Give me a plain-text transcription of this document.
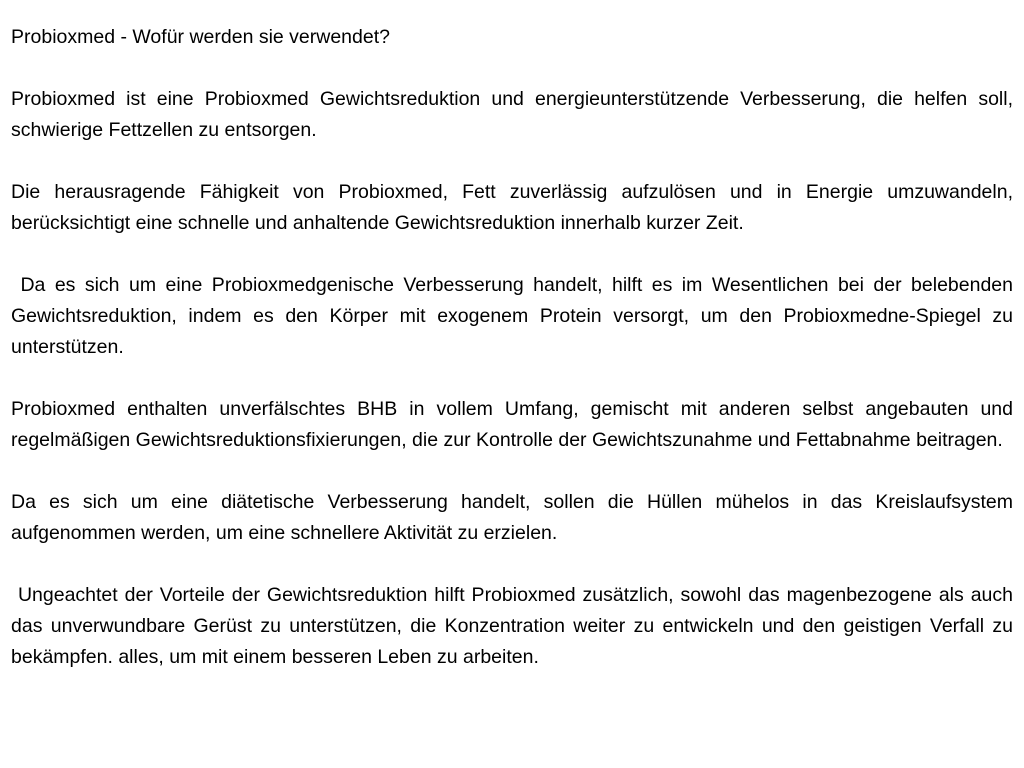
Probioxmed - Wofür werden sie verwendet?

Probioxmed ist eine Probioxmed Gewichtsreduktion und energieunterstützende Verbesserung, die helfen soll, schwierige Fettzellen zu entsorgen.

Die herausragende Fähigkeit von Probioxmed, Fett zuverlässig aufzulösen und in Energie umzuwandeln, berücksichtigt eine schnelle und anhaltende Gewichtsreduktion innerhalb kurzer Zeit.

Da es sich um eine Probioxmedgenische Verbesserung handelt, hilft es im Wesentlichen bei der belebenden Gewichtsreduktion, indem es den Körper mit exogenem Protein versorgt, um den Probioxmedne-Spiegel zu unterstützen.

Probioxmed enthalten unverfälschtes BHB in vollem Umfang, gemischt mit anderen selbst angebauten und regelmäßigen Gewichtsreduktionsfixierungen, die zur Kontrolle der Gewichtszunahme und Fettabnahme beitragen.

Da es sich um eine diätetische Verbesserung handelt, sollen die Hüllen mühelos in das Kreislaufsystem aufgenommen werden, um eine schnellere Aktivität zu erzielen.

Ungeachtet der Vorteile der Gewichtsreduktion hilft Probioxmed zusätzlich, sowohl das magenbezogene als auch das unverwundbare Gerüst zu unterstützen, die Konzentration weiter zu entwickeln und den geistigen Verfall zu bekämpfen. alles, um mit einem besseren Leben zu arbeiten.
